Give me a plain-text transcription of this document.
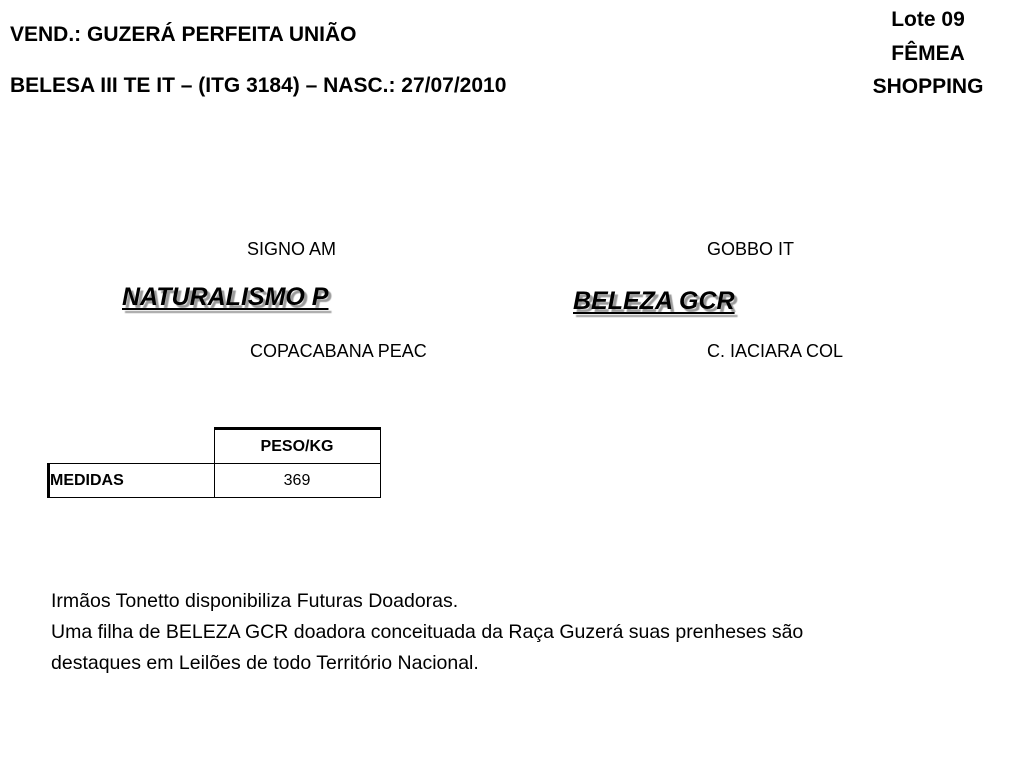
VEND.: GUZERÁ PERFEITA UNIÃO
BELESA III TE IT – (ITG 3184) – NASC.: 27/07/2010
Lote 09
FÊMEA
SHOPPING
SIGNO AM
NATURALISMO P
COPACABANA PEAC
GOBBO IT
BELEZA GCR
C. IACIARA COL
	PESO/KG
MEDIDAS	369
Irmãos Tonetto disponibiliza Futuras Doadoras.
Uma filha de BELEZA GCR doadora conceituada da Raça Guzerá suas prenheses são
destaques em Leilões de todo Território Nacional.
